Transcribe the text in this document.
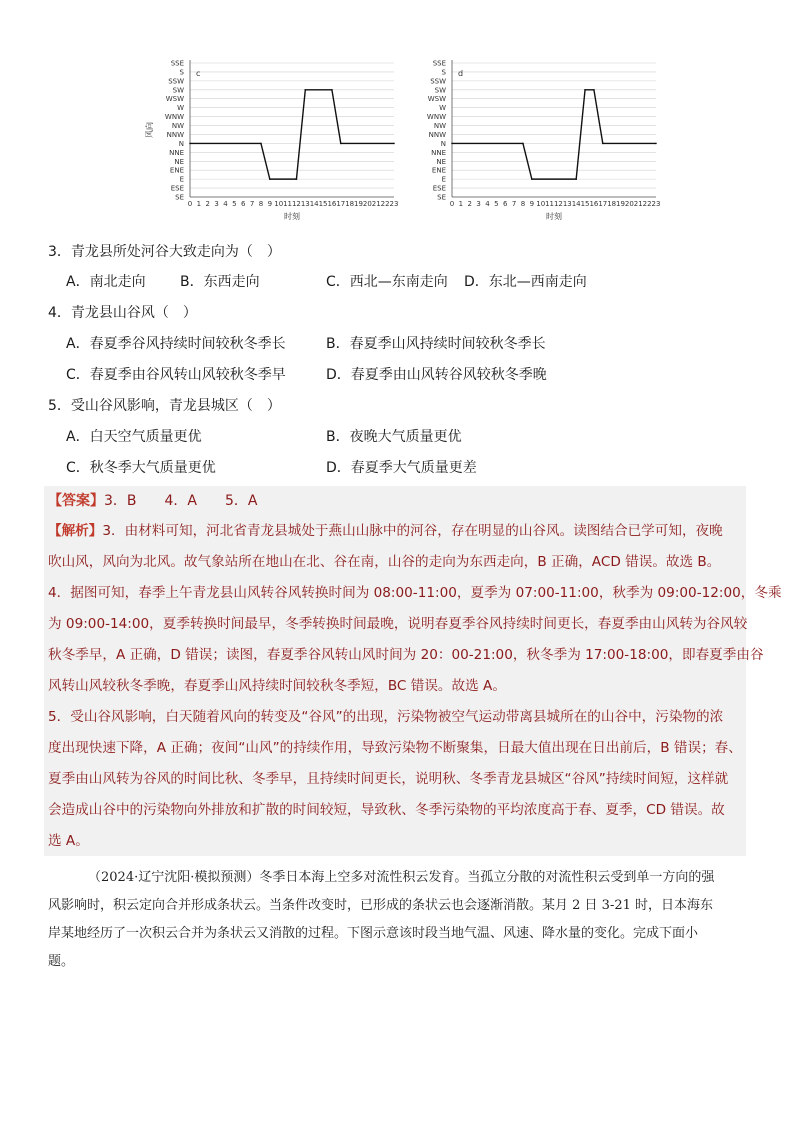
SSE
S
SSW
SW
WSW
W
WNW
NW
NNW
N
NNE
NE
ENE
E
ESE
SE
0 1 2 3 4 5 6 7 8 9 10 11 12 13 14 15 16 17 18 19 20 21 22 23
时刻
风向
c
SSE
S
SSW
SW
WSW
W
WNW
NW
NNW
N
NNE
NE
ENE
E
ESE
SE
0 1 2 3 4 5 6 7 8 9 10 11 12 13 14 15 16 17 18 19 20 21 22 23
时刻
d
3．青龙县所处河谷大致走向为（　）
A．南北走向 B．东西走向	C．西北—东南走向 D．东北—西南走向
4．青龙县山谷风（　）
A．春夏季谷风持续时间较秋冬季长	B．春夏季山风持续时间较秋冬季长
C．春夏季由谷风转山风较秋冬季早	D．春夏季由山风转谷风较秋冬季晚
5．受山谷风影响，青龙县城区（　）
A．白天空气质量更优	B．夜晚大气质量更优
C．秋冬季大气质量更优	D．春夏季大气质量更差
【答案】3．B　　4．A　　5．A
【解析】3．由材料可知，河北省青龙县城处于燕山山脉中的河谷，存在明显的山谷风。读图结合已学可知，夜晚
吹山风，风向为北风。故气象站所在地山在北、谷在南，山谷的走向为东西走向，B 正确，ACD 错误。故选 B。
4．据图可知，春季上午青龙县山风转谷风转换时间为 08:00-11:00，夏季为 07:00-11:00，秋季为 09:00-12:00，冬乘
为 09:00-14:00，夏季转换时间最早，冬季转换时间最晚，说明春夏季谷风持续时间更长，春夏季由山风转为谷风较
秋冬季早，A 正确，D 错误；读图，春夏季谷风转山风时间为 20：00-21:00，秋冬季为 17:00-18:00，即春夏季由谷
风转山风较秋冬季晚，春夏季山风持续时间较秋冬季短，BC 错误。故选 A。
5．受山谷风影响，白天随着风向的转变及“谷风”的出现，污染物被空气运动带离县城所在的山谷中，污染物的浓
度出现快速下降，A 正确；夜间“山风”的持续作用，导致污染物不断聚集，日最大值出现在日出前后，B 错误；春、
夏季由山风转为谷风的时间比秋、冬季早，且持续时间更长，说明秋、冬季青龙县城区“谷风”持续时间短，这样就
会造成山谷中的污染物向外排放和扩散的时间较短，导致秋、冬季污染物的平均浓度高于春、夏季，CD 错误。故
选 A。
（2024·辽宁沈阳·模拟预测）冬季日本海上空多对流性积云发育。当孤立分散的对流性积云受到单一方向的强
风影响时，积云定向合并形成条状云。当条件改变时，已形成的条状云也会逐渐消散。某月 2 日 3-21 时，日本海东
岸某地经历了一次积云合并为条状云又消散的过程。下图示意该时段当地气温、风速、降水量的变化。完成下面小
题。
